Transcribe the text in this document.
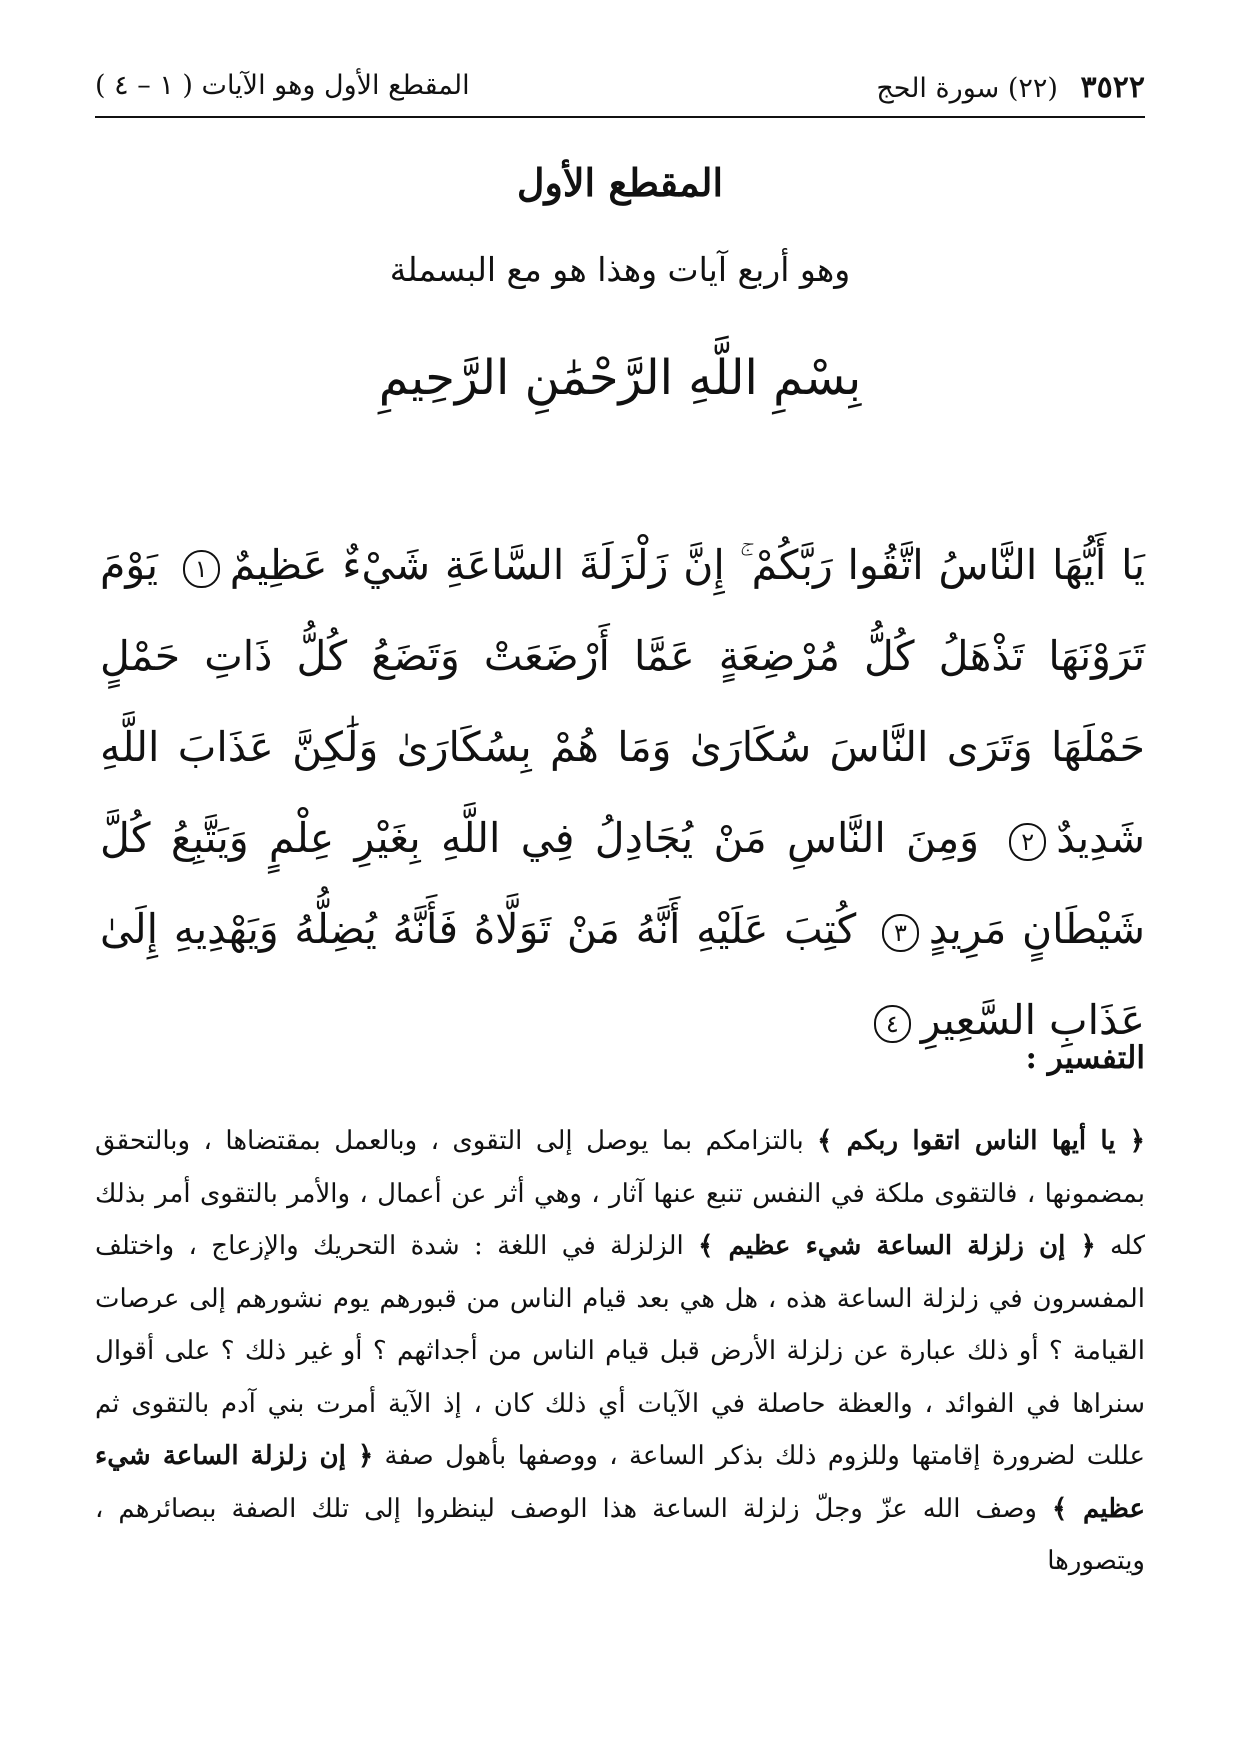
٣٥٢٢ (٢٢) سورة الحج
المقطع الأول وهو الآيات ( ١ – ٤ )
المقطع الأول
وهو أربع آيات وهذا هو مع البسملة
بِسْمِ اللَّهِ الرَّحْمَٰنِ الرَّحِيمِ
يَا أَيُّهَا النَّاسُ اتَّقُوا رَبَّكُمْ ۚ إِنَّ زَلْزَلَةَ السَّاعَةِ شَيْءٌ عَظِيمٌ١ يَوْمَ تَرَوْنَهَا تَذْهَلُ كُلُّ مُرْضِعَةٍ عَمَّا أَرْضَعَتْ وَتَضَعُ كُلُّ ذَاتِ حَمْلٍ حَمْلَهَا وَتَرَى النَّاسَ سُكَارَىٰ وَمَا هُمْ بِسُكَارَىٰ وَلَٰكِنَّ عَذَابَ اللَّهِ شَدِيدٌ٢ وَمِنَ النَّاسِ مَنْ يُجَادِلُ فِي اللَّهِ بِغَيْرِ عِلْمٍ وَيَتَّبِعُ كُلَّ شَيْطَانٍ مَرِيدٍ٣ كُتِبَ عَلَيْهِ أَنَّهُ مَنْ تَوَلَّاهُ فَأَنَّهُ يُضِلُّهُ وَيَهْدِيهِ إِلَىٰ عَذَابِ السَّعِيرِ٤
التفسير :

﴿ يا أيها الناس اتقوا ربكم ﴾ بالتزامكم بما يوصل إلى التقوى ، وبالعمل بمقتضاها ، وبالتحقق بمضمونها ، فالتقوى ملكة في النفس تنبع عنها آثار ، وهي أثر عن أعمال ، والأمر بالتقوى أمر بذلك كله ﴿ إن زلزلة الساعة شيء عظيم ﴾ الزلزلة في اللغة : شدة التحريك والإزعاج ، واختلف المفسرون في زلزلة الساعة هذه ، هل هي بعد قيام الناس من قبورهم يوم نشورهم إلى عرصات القيامة ؟ أو ذلك عبارة عن زلزلة الأرض قبل قيام الناس من أجداثهم ؟ أو غير ذلك ؟ على أقوال سنراها في الفوائد ، والعظة حاصلة في الآيات أي ذلك كان ، إذ الآية أمرت بني آدم بالتقوى ثم عللت لضرورة إقامتها وللزوم ذلك بذكر الساعة ، ووصفها بأهول صفة ﴿ إن زلزلة الساعة شيء عظيم ﴾ وصف الله عزّ وجلّ زلزلة الساعة هذا الوصف لينظروا إلى تلك الصفة ببصائرهم ، ويتصورها
